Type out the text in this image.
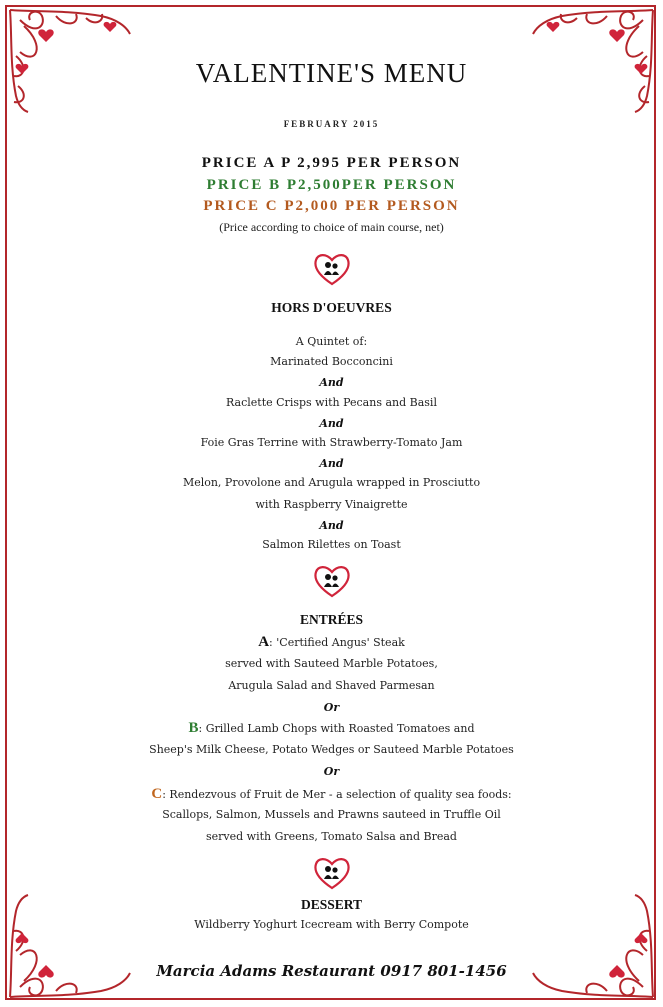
VALENTINE'S MENU
FEBRUARY 2015
PRICE A P 2,995 PER PERSON
PRICE B P2,500PER PERSON
PRICE C P2,000 PER PERSON
(Price according to choice of main course, net)
HORS D'OEUVRES
A Quintet of:
Marinated Bocconcini
And
Raclette Crisps with Pecans and Basil
And
Foie Gras Terrine with Strawberry-Tomato Jam
And
Melon, Provolone and Arugula wrapped in Prosciutto
with Raspberry Vinaigrette
And
Salmon Rilettes on Toast
ENTRÉES
A: 'Certified Angus' Steak
served with Sauteed Marble Potatoes,
Arugula Salad and Shaved Parmesan
Or
B: Grilled Lamb Chops with Roasted Tomatoes and
Sheep's Milk Cheese, Potato Wedges or Sauteed Marble Potatoes
Or
C: Rendezvous of Fruit de Mer - a selection of quality sea foods:
Scallops, Salmon, Mussels and Prawns sauteed in Truffle Oil
served with Greens, Tomato Salsa and Bread
DESSERT
Wildberry Yoghurt Icecream with Berry Compote
Marcia Adams Restaurant 0917 801-1456
